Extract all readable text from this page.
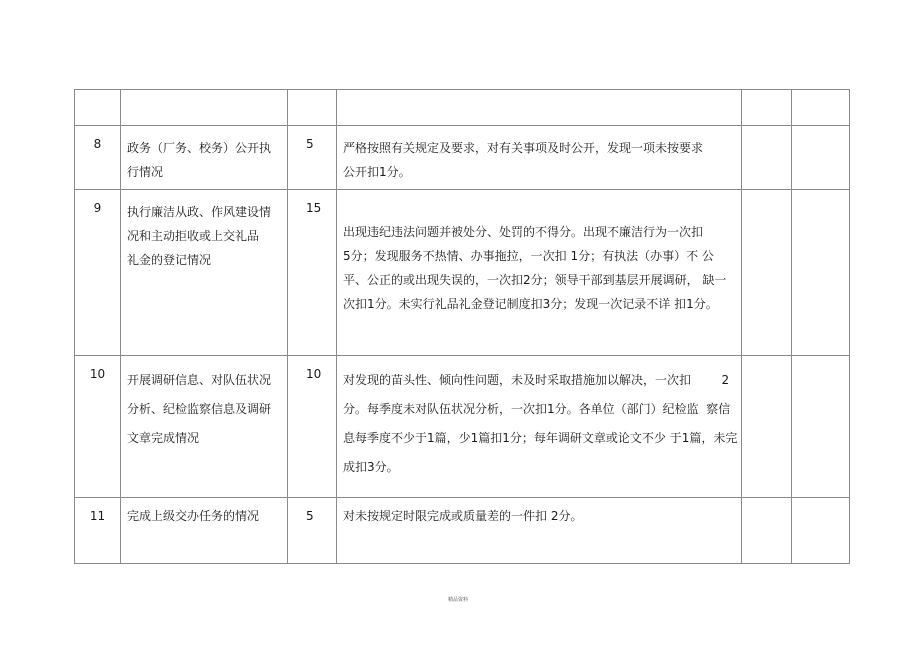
8	政务（厂务、校务）公开执
行情况	5	严格按照有关规定及要求，对有关事项及时公开，发现一项未按要求
公开扣1分。		

9	执行廉洁从政、作风建设情
况和主动拒收或上交礼品
礼金的登记情况	15	出现违纪违法问题并被处分、处罚的不得分。出现不廉洁行为一次扣
5分；发现服务不热情、办事拖拉，一次扣 1分；有执法（办事）不 公
平、公正的或出现失误的，一次扣2分；领导干部到基层开展调研， 缺一
次扣1分。未实行礼品礼金登记制度扣3分；发现一次记录不详 扣1分。		

10	开展调研信息、对队伍状况
分析、纪检监察信息及调研
文章完成情况	10	对发现的苗头性、倾向性问题，未及时采取措施加以解决，一次扣        2
分。每季度未对队伍状况分析，一次扣1分。各单位（部门）纪检监  察信
息每季度不少于1篇，少1篇扣1分；每年调研文章或论文不少 于1篇，未完
成扣3分。		

11	完成上级交办任务的情况	5	对未按规定时限完成或质量差的一件扣 2分。		

精品资料
